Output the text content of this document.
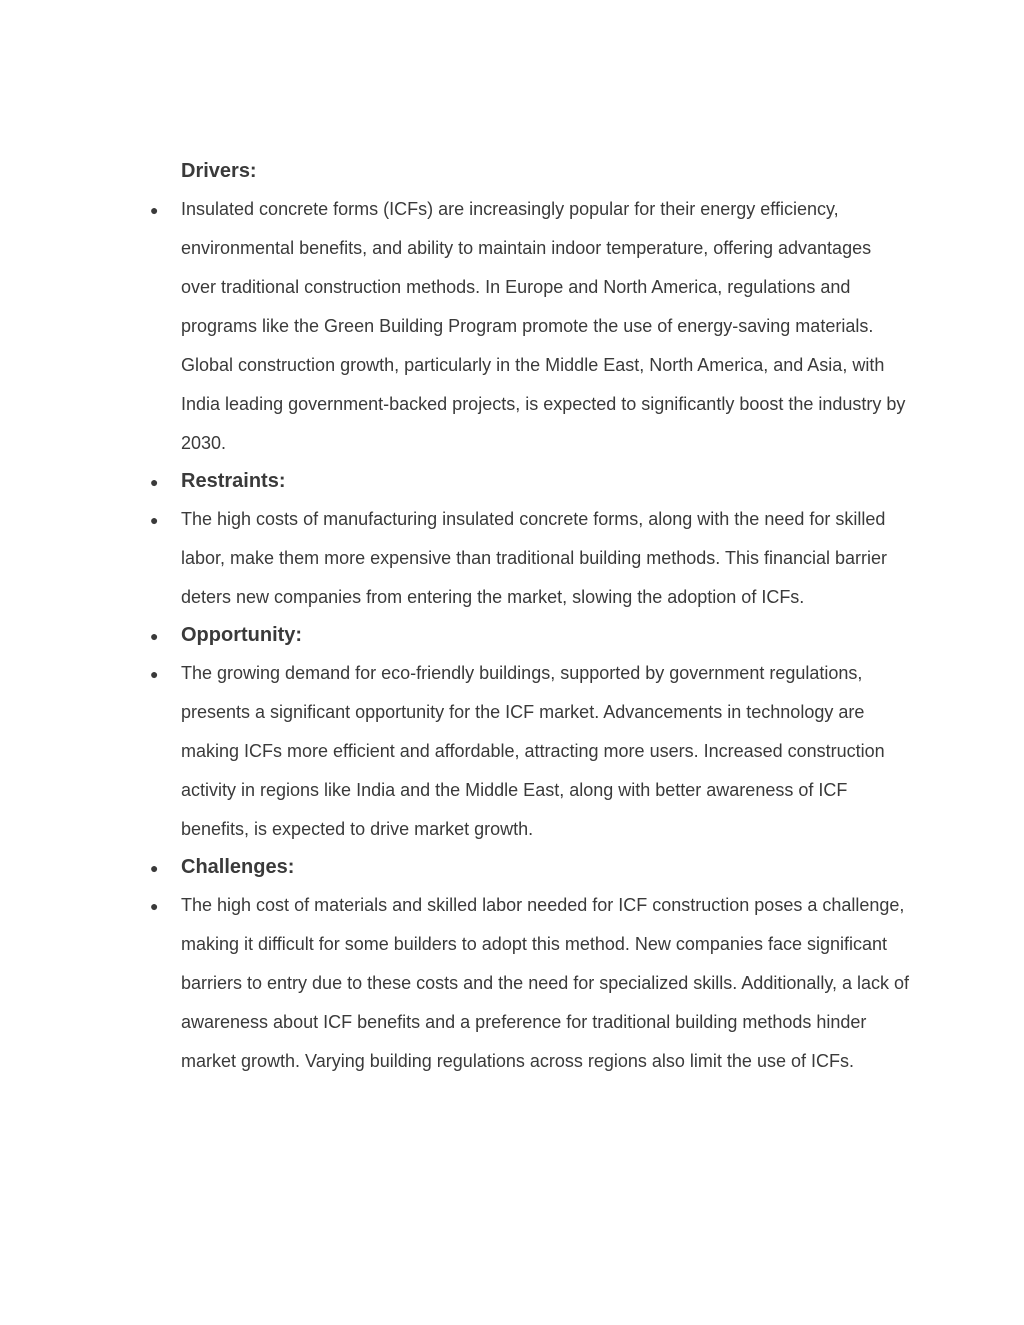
Drivers:
●	Insulated concrete forms (ICFs) are increasingly popular for their energy efficiency, environmental benefits, and ability to maintain indoor temperature, offering advantages over traditional construction methods. In Europe and North America, regulations and programs like the Green Building Program promote the use of energy-saving materials. Global construction growth, particularly in the Middle East, North America, and Asia, with India leading government-backed projects, is expected to significantly boost the industry by 2030.

● Restraints:
●	The high costs of manufacturing insulated concrete forms, along with the need for skilled labor, make them more expensive than traditional building methods. This financial barrier deters new companies from entering the market, slowing the adoption of ICFs.

● Opportunity:
●	The growing demand for eco-friendly buildings, supported by government regulations, presents a significant opportunity for the ICF market. Advancements in technology are making ICFs more efficient and affordable, attracting more users. Increased construction activity in regions like India and the Middle East, along with better awareness of ICF benefits, is expected to drive market growth.

● Challenges:
●	The high cost of materials and skilled labor needed for ICF construction poses a challenge, making it difficult for some builders to adopt this method. New companies face significant barriers to entry due to these costs and the need for specialized skills. Additionally, a lack of awareness about ICF benefits and a preference for traditional building methods hinder market growth. Varying building regulations across regions also limit the use of ICFs.
